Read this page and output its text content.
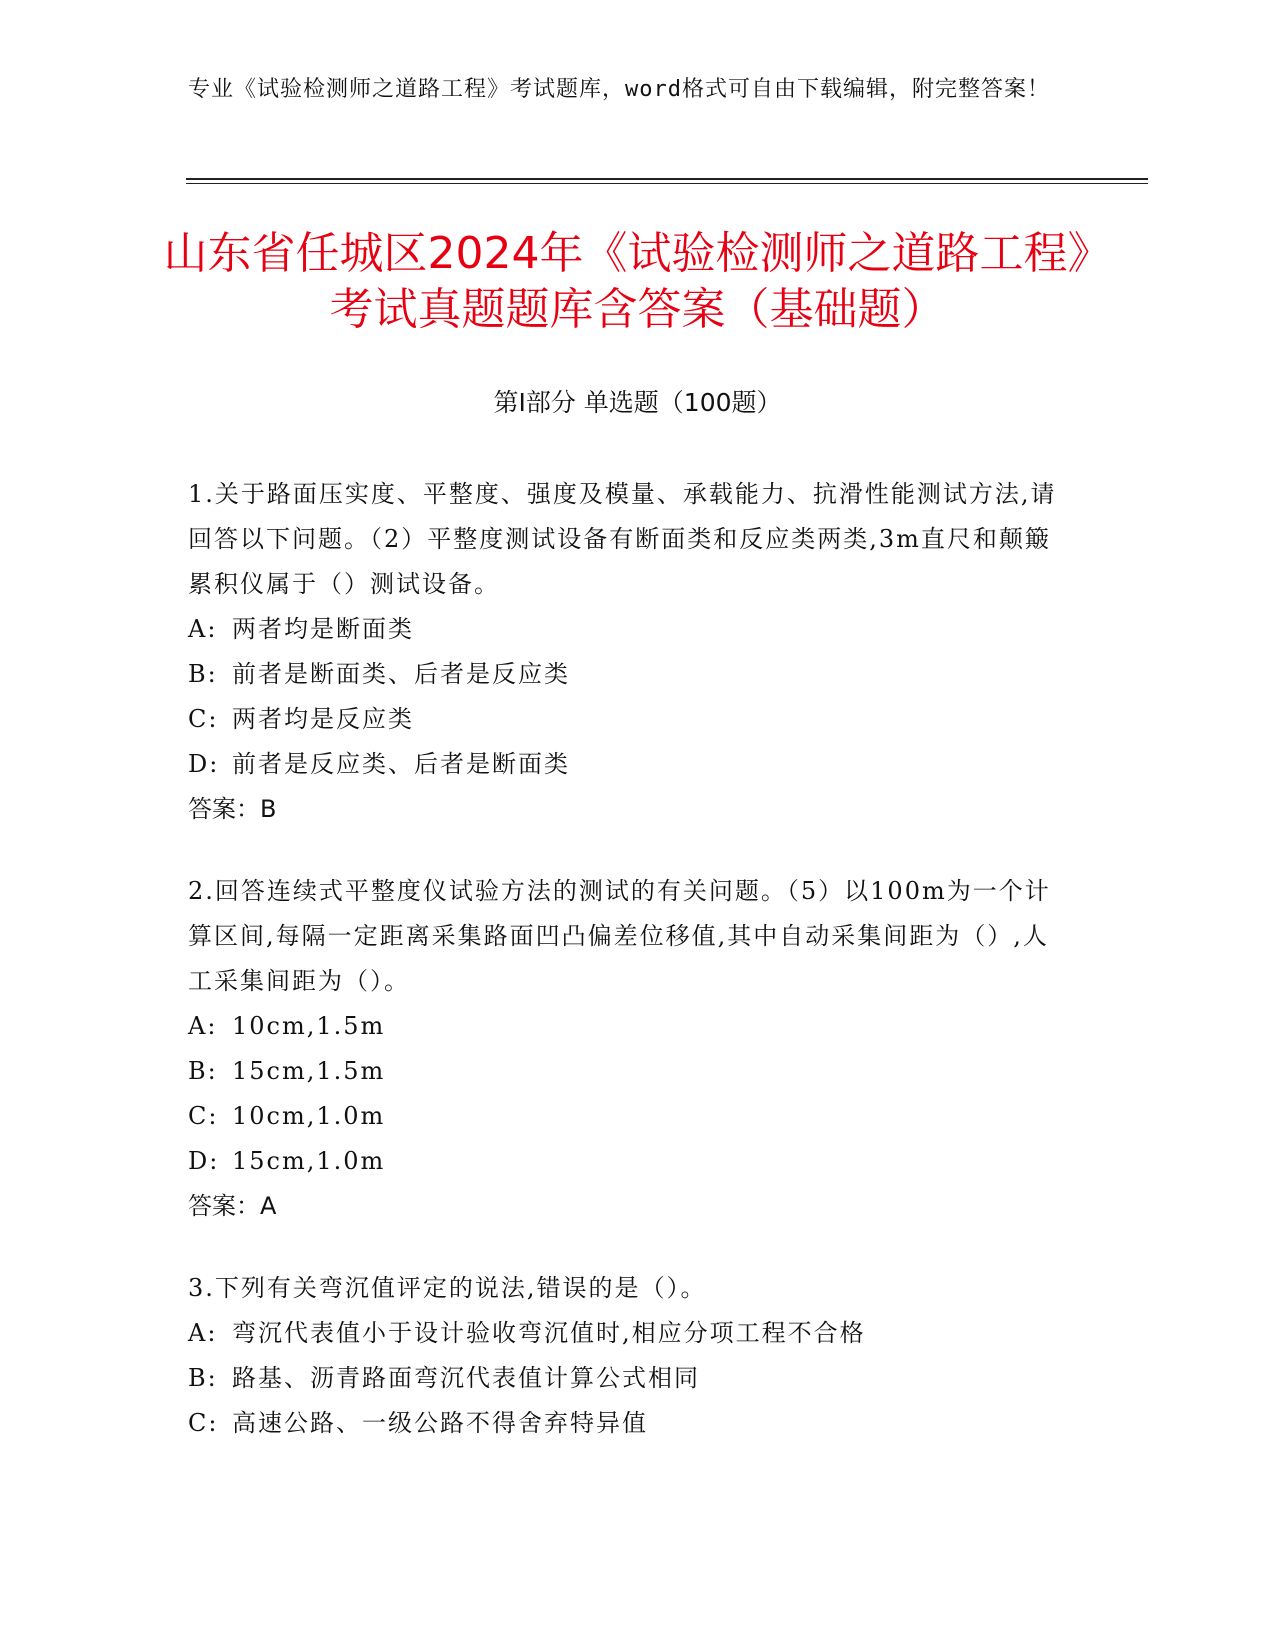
专业《试验检测师之道路工程》考试题库，word格式可自由下载编辑，附完整答案！
山东省任城区2024年《试验检测师之道路工程》考试真题题库含答案（基础题）
第I部分 单选题（100题）
1.关于路面压实度、平整度、强度及模量、承载能力、抗滑性能测试方法,请回答以下问题。（2）平整度测试设备有断面类和反应类两类,3m直尺和颠簸累积仪属于（）测试设备。
A: 两者均是断面类
B: 前者是断面类、后者是反应类
C: 两者均是反应类
D: 前者是反应类、后者是断面类
答案：B
2.回答连续式平整度仪试验方法的测试的有关问题。（5）以100m为一个计算区间,每隔一定距离采集路面凹凸偏差位移值,其中自动采集间距为（）,人工采集间距为（）。
A: 10cm,1.5m
B: 15cm,1.5m
C: 10cm,1.0m
D: 15cm,1.0m
答案：A
3.下列有关弯沉值评定的说法,错误的是（）。
A: 弯沉代表值小于设计验收弯沉值时,相应分项工程不合格
B: 路基、沥青路面弯沉代表值计算公式相同
C: 高速公路、一级公路不得舍弃特异值
